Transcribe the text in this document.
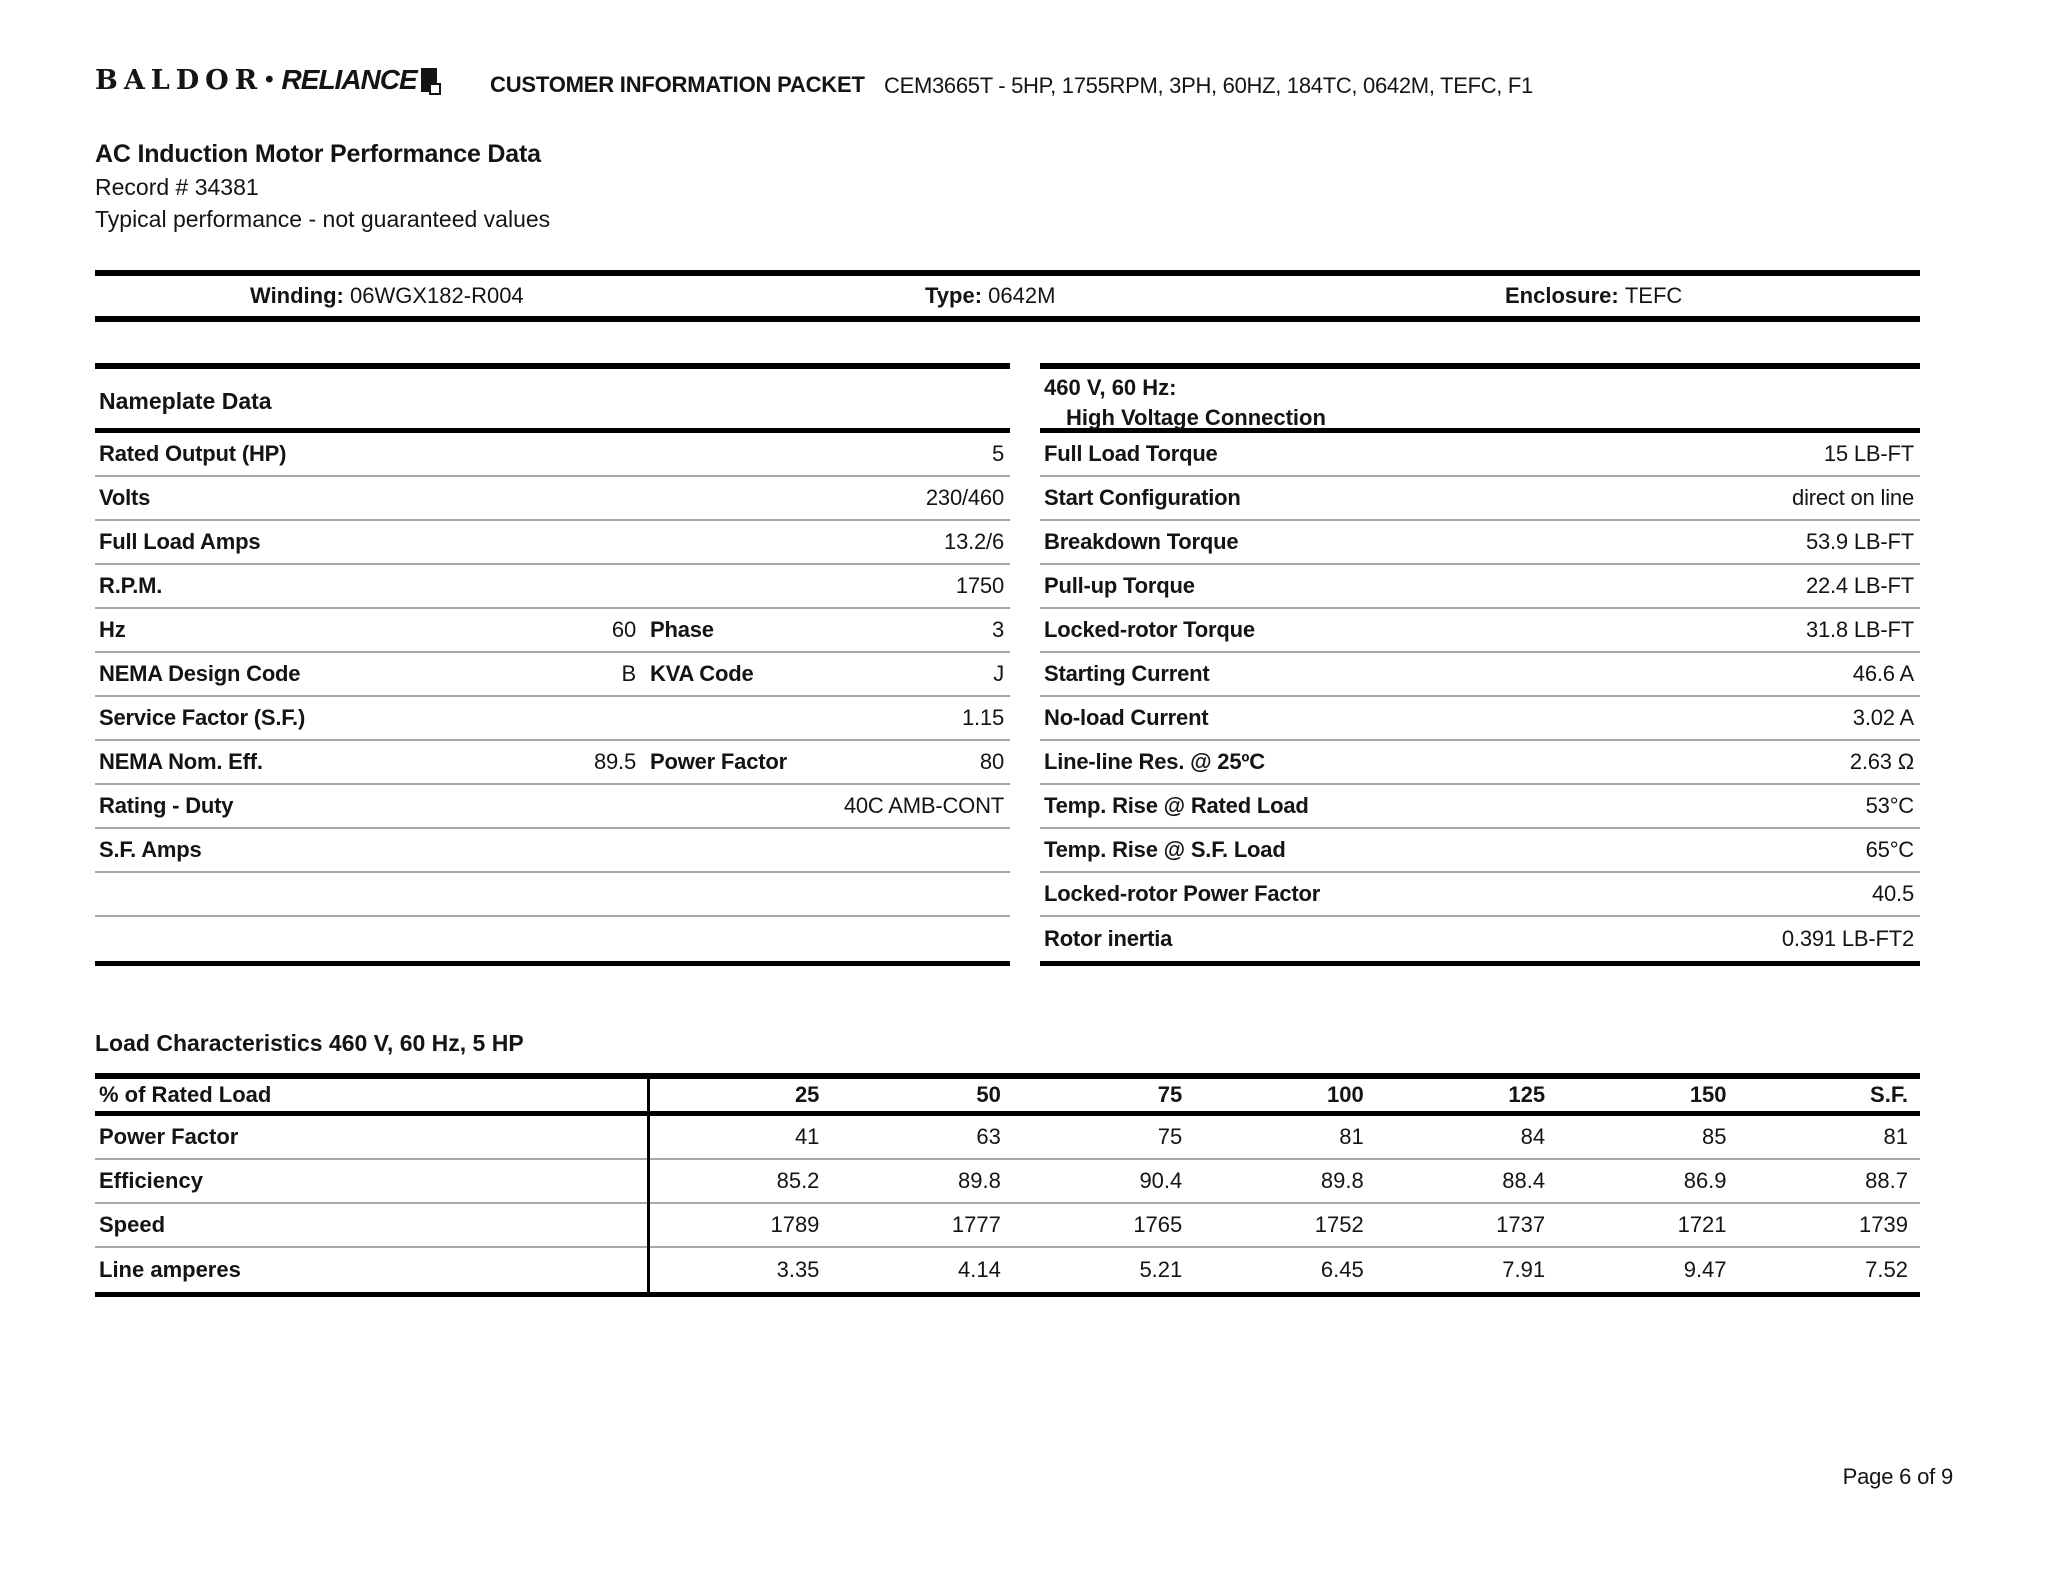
BALDOR • RELIANCE	CUSTOMER INFORMATION PACKET CEM3665T - 5HP, 1755RPM, 3PH, 60HZ, 184TC, 0642M, TEFC, F1
AC Induction Motor Performance Data
Record # 34381
Typical performance - not guaranteed values
Winding: 06WGX182-R004	Type: 0642M	Enclosure: TEFC
Nameplate Data
Rated Output (HP)	5
Volts	230/460
Full Load Amps	13.2/6
R.P.M.	1750
Hz	60 Phase	3
NEMA Design Code	B KVA Code	J
Service Factor (S.F.)	1.15
NEMA Nom. Eff.	89.5 Power Factor	80
Rating - Duty	40C AMB-CONT
S.F. Amps
460 V, 60 Hz:
High Voltage Connection
Full Load Torque	15 LB-FT
Start Configuration	direct on line
Breakdown Torque	53.9 LB-FT
Pull-up Torque	22.4 LB-FT
Locked-rotor Torque	31.8 LB-FT
Starting Current	46.6 A
No-load Current	3.02 A
Line-line Res. @ 25ºC	2.63 Ω
Temp. Rise @ Rated Load	53°C
Temp. Rise @ S.F. Load	65°C
Locked-rotor Power Factor	40.5
Rotor inertia	0.391 LB-FT2
Load Characteristics 460 V, 60 Hz, 5 HP
% of Rated Load	25	50	75	100	125	150	S.F.
Power Factor	41	63	75	81	84	85	81
Efficiency	85.2	89.8	90.4	89.8	88.4	86.9	88.7
Speed	1789	1777	1765	1752	1737	1721	1739
Line amperes	3.35	4.14	5.21	6.45	7.91	9.47	7.52
Page 6 of 9
